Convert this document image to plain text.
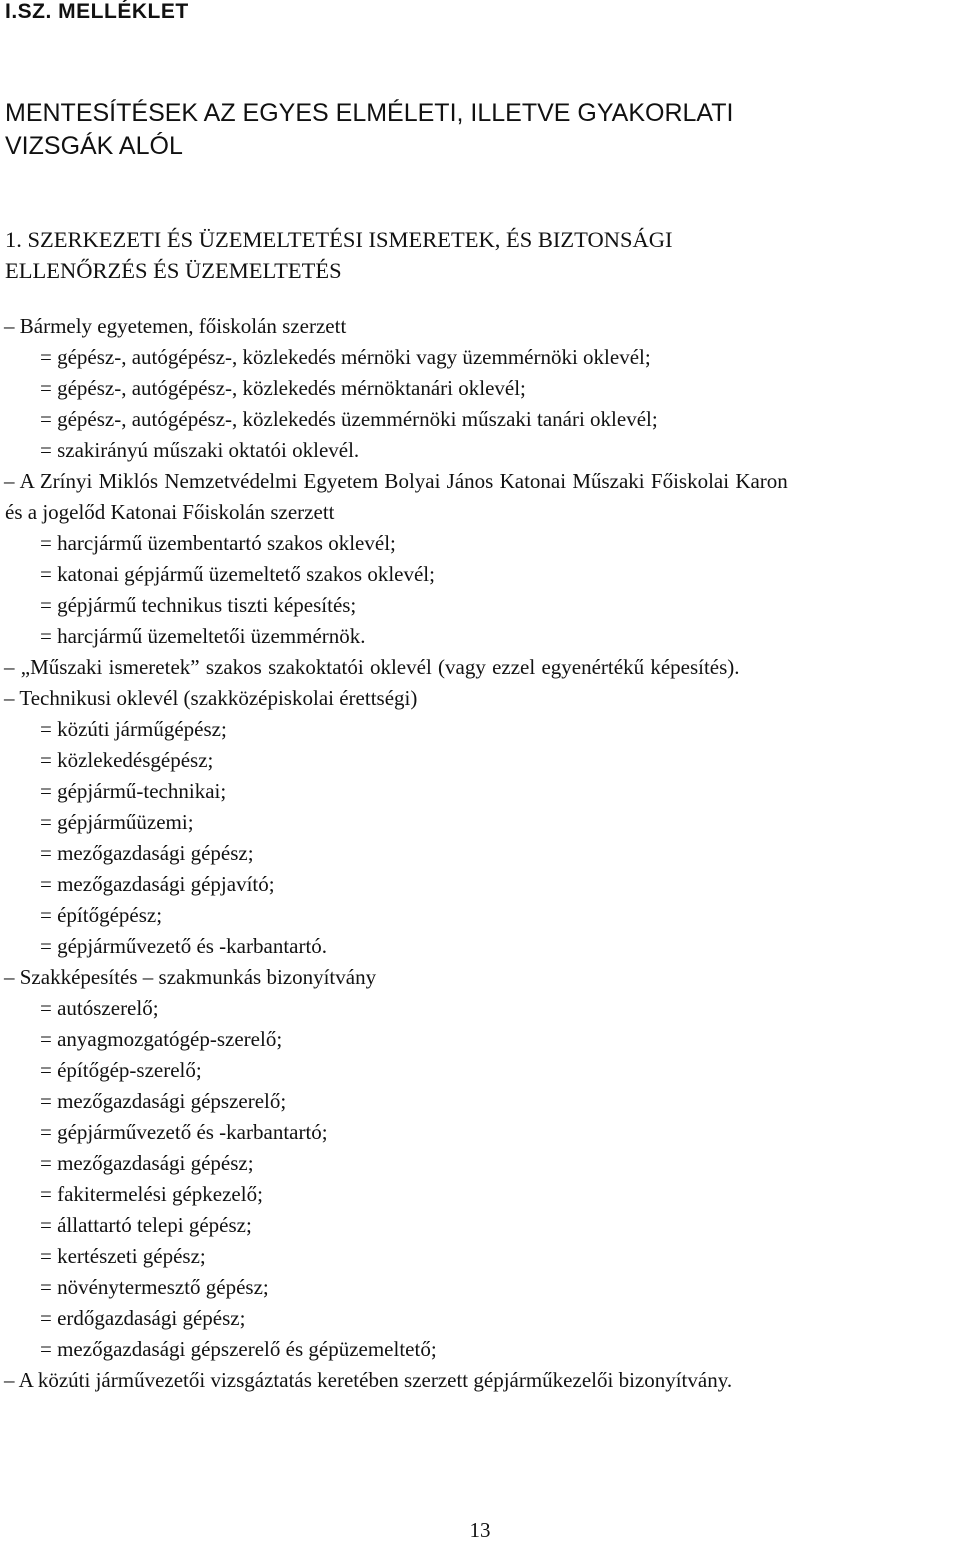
I.SZ. MELLÉKLET
MENTESÍTÉSEK AZ EGYES ELMÉLETI, ILLETVE GYAKORLATI
VIZSGÁK ALÓL
1. SZERKEZETI ÉS ÜZEMELTETÉSI ISMERETEK, ÉS BIZTONSÁGI
ELLENŐRZÉS ÉS ÜZEMELTETÉS
– Bármely egyetemen, főiskolán szerzett
= gépész-, autógépész-, közlekedés mérnöki vagy üzemmérnöki oklevél;
= gépész-, autógépész-, közlekedés mérnöktanári oklevél;
= gépész-, autógépész-, közlekedés üzemmérnöki műszaki tanári oklevél;
= szakirányú műszaki oktatói oklevél.
– A Zrínyi Miklós Nemzetvédelmi Egyetem Bolyai János Katonai Műszaki Főiskolai Karon
és a jogelőd Katonai Főiskolán szerzett
= harcjármű üzembentartó szakos oklevél;
= katonai gépjármű üzemeltető szakos oklevél;
= gépjármű technikus tiszti képesítés;
= harcjármű üzemeltetői üzemmérnök.
– „Műszaki ismeretek” szakos szakoktatói oklevél (vagy ezzel egyenértékű képesítés).
– Technikusi oklevél (szakközépiskolai érettségi)
= közúti járműgépész;
= közlekedésgépész;
= gépjármű-technikai;
= gépjárműüzemi;
= mezőgazdasági gépész;
= mezőgazdasági gépjavító;
= építőgépész;
= gépjárművezető és -karbantartó.
– Szakképesítés – szakmunkás bizonyítvány
= autószerelő;
= anyagmozgatógép-szerelő;
= építőgép-szerelő;
= mezőgazdasági gépszerelő;
= gépjárművezető és -karbantartó;
= mezőgazdasági gépész;
= fakitermelési gépkezelő;
= állattartó telepi gépész;
= kertészeti gépész;
= növénytermesztő gépész;
= erdőgazdasági gépész;
= mezőgazdasági gépszerelő és gépüzemeltető;
– A közúti járművezetői vizsgáztatás keretében szerzett gépjárműkezelői bizonyítvány.
13
